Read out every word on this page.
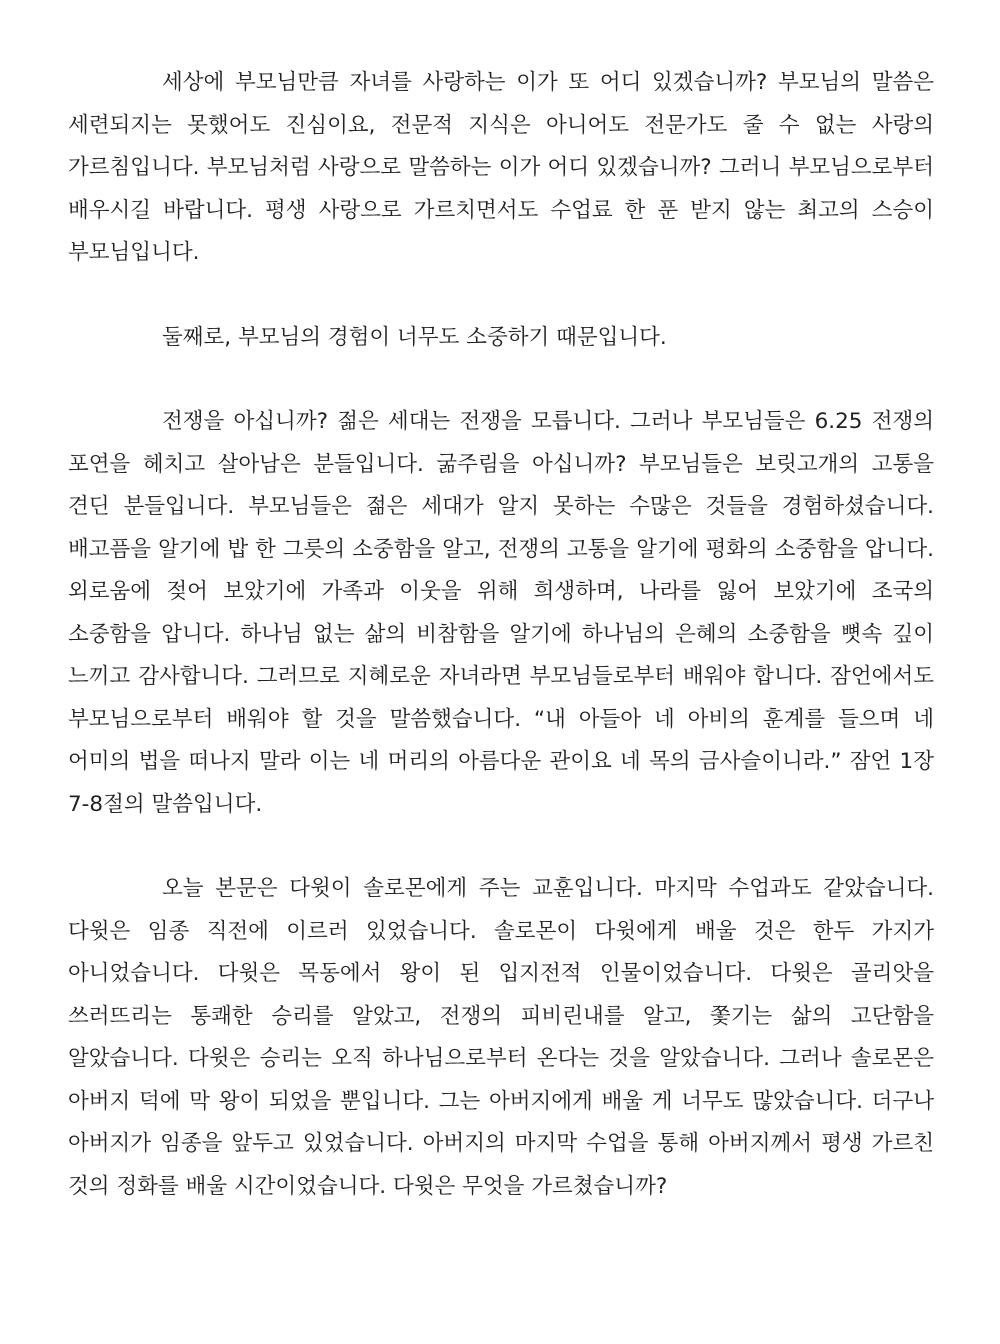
세상에 부모님만큼 자녀를 사랑하는 이가 또 어디 있겠습니까? 부모님의 말씀은 세련되지는 못했어도 진심이요, 전문적 지식은 아니어도 전문가도 줄 수 없는 사랑의 가르침입니다. 부모님처럼 사랑으로 말씀하는 이가 어디 있겠습니까? 그러니 부모님으로부터 배우시길 바랍니다. 평생 사랑으로 가르치면서도 수업료 한 푼 받지 않는 최고의 스승이 부모님입니다.

둘째로, 부모님의 경험이 너무도 소중하기 때문입니다.

전쟁을 아십니까? 젊은 세대는 전쟁을 모릅니다. 그러나 부모님들은 6.25 전쟁의 포연을 헤치고 살아남은 분들입니다. 굶주림을 아십니까? 부모님들은 보릿고개의 고통을 견딘 분들입니다. 부모님들은 젊은 세대가 알지 못하는 수많은 것들을 경험하셨습니다. 배고픔을 알기에 밥 한 그릇의 소중함을 알고, 전쟁의 고통을 알기에 평화의 소중함을 압니다. 외로움에 젖어 보았기에 가족과 이웃을 위해 희생하며, 나라를 잃어 보았기에 조국의 소중함을 압니다. 하나님 없는 삶의 비참함을 알기에 하나님의 은혜의 소중함을 뼛속 깊이 느끼고 감사합니다. 그러므로 지혜로운 자녀라면 부모님들로부터 배워야 합니다. 잠언에서도 부모님으로부터 배워야 할 것을 말씀했습니다. “내 아들아 네 아비의 훈계를 들으며 네 어미의 법을 떠나지 말라 이는 네 머리의 아름다운 관이요 네 목의 금사슬이니라.” 잠언 1장 7-8절의 말씀입니다.

오늘 본문은 다윗이 솔로몬에게 주는 교훈입니다. 마지막 수업과도 같았습니다. 다윗은 임종 직전에 이르러 있었습니다. 솔로몬이 다윗에게 배울 것은 한두 가지가 아니었습니다. 다윗은 목동에서 왕이 된 입지전적 인물이었습니다. 다윗은 골리앗을 쓰러뜨리는 통쾌한 승리를 알았고, 전쟁의 피비린내를 알고, 쫓기는 삶의 고단함을 알았습니다. 다윗은 승리는 오직 하나님으로부터 온다는 것을 알았습니다. 그러나 솔로몬은 아버지 덕에 막 왕이 되었을 뿐입니다. 그는 아버지에게 배울 게 너무도 많았습니다. 더구나 아버지가 임종을 앞두고 있었습니다. 아버지의 마지막 수업을 통해 아버지께서 평생 가르친 것의 정화를 배울 시간이었습니다. 다윗은 무엇을 가르쳤습니까?
